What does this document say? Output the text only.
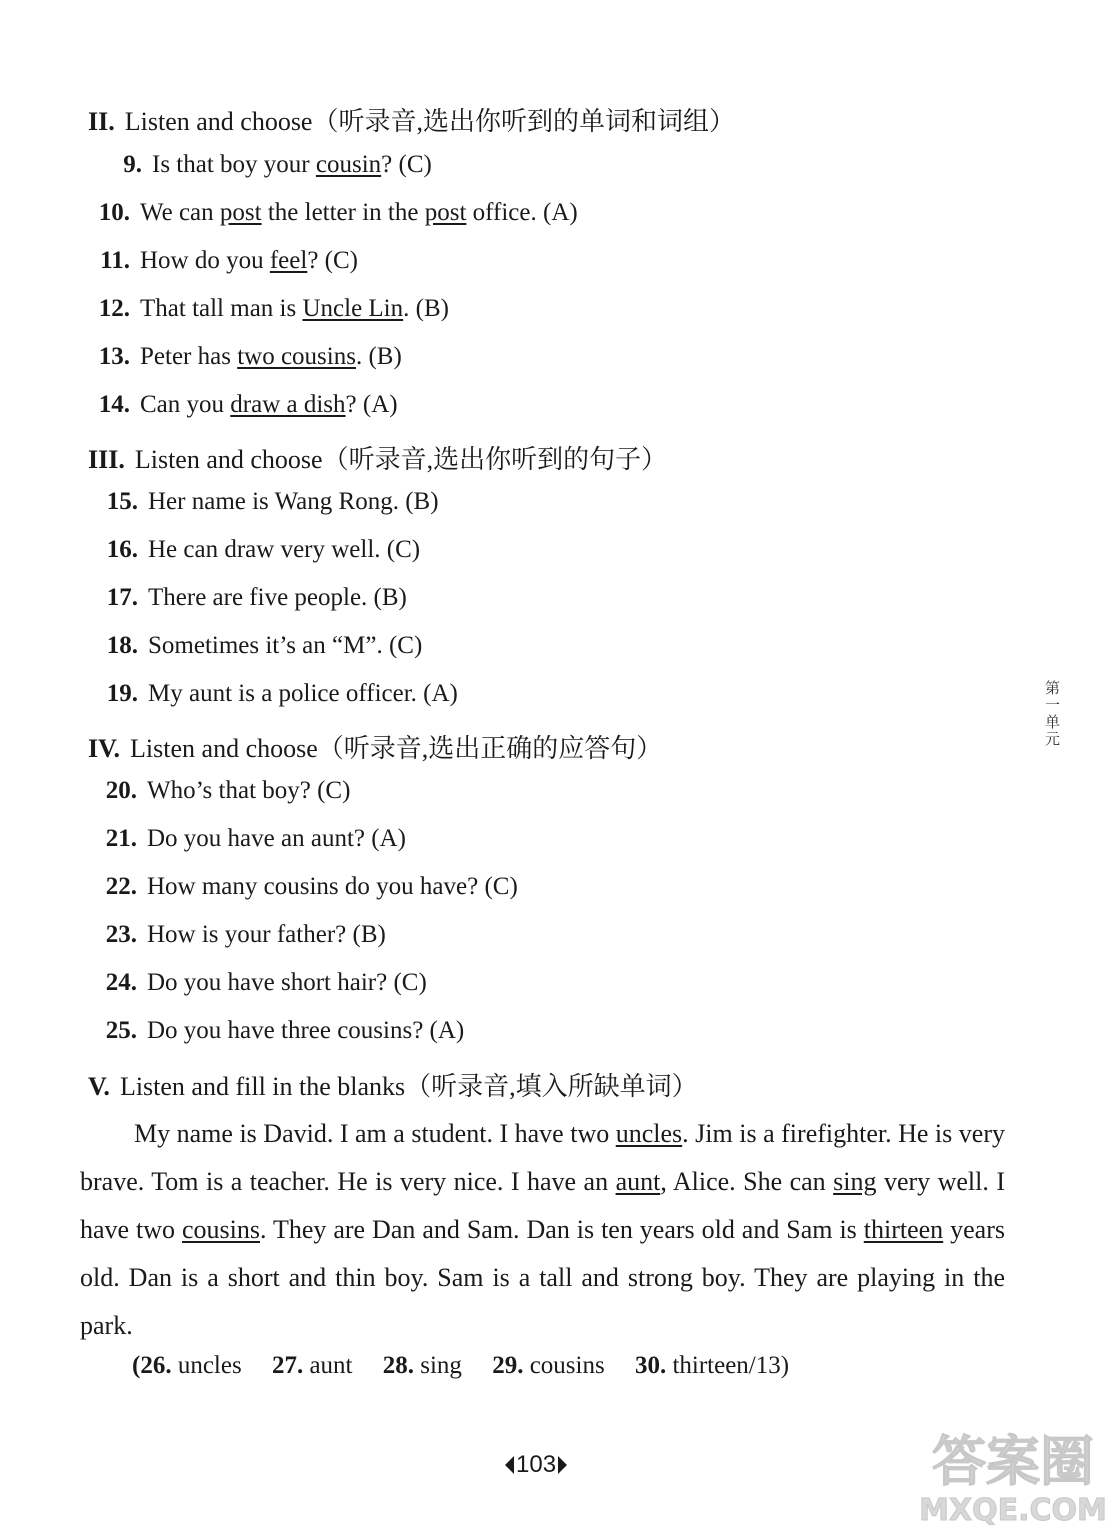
II. Listen and choose（听录音,选出你听到的单词和词组）
9. Is that boy your cousin? (C)
10. We can post the letter in the post office. (A)
11. How do you feel? (C)
12. That tall man is Uncle Lin. (B)
13. Peter has two cousins. (B)
14. Can you draw a dish? (A)
III. Listen and choose（听录音,选出你听到的句子）
15. Her name is Wang Rong. (B)
16. He can draw very well. (C)
17. There are five people. (B)
18. Sometimes it’s an “M”. (C)
19. My aunt is a police officer. (A)
IV. Listen and choose（听录音,选出正确的应答句）
20. Who’s that boy? (C)
21. Do you have an aunt? (A)
22. How many cousins do you have? (C)
23. How is your father? (B)
24. Do you have short hair? (C)
25. Do you have three cousins? (A)
V. Listen and fill in the blanks（听录音,填入所缺单词）

My name is David. I am a student. I have two uncles. Jim is a firefighter. He is very brave. Tom is a teacher. He is very nice. I have an aunt, Alice. She can sing very well. I have two cousins. They are Dan and Sam. Dan is ten years old and Sam is thirteen years old. Dan is a short and thin boy. Sam is a tall and strong boy. They are playing in the park.

(26. uncles 27. aunt 28. sing 29. cousins 30. thirteen/13)
第一单元
103	答案圈
MXQE.COM
